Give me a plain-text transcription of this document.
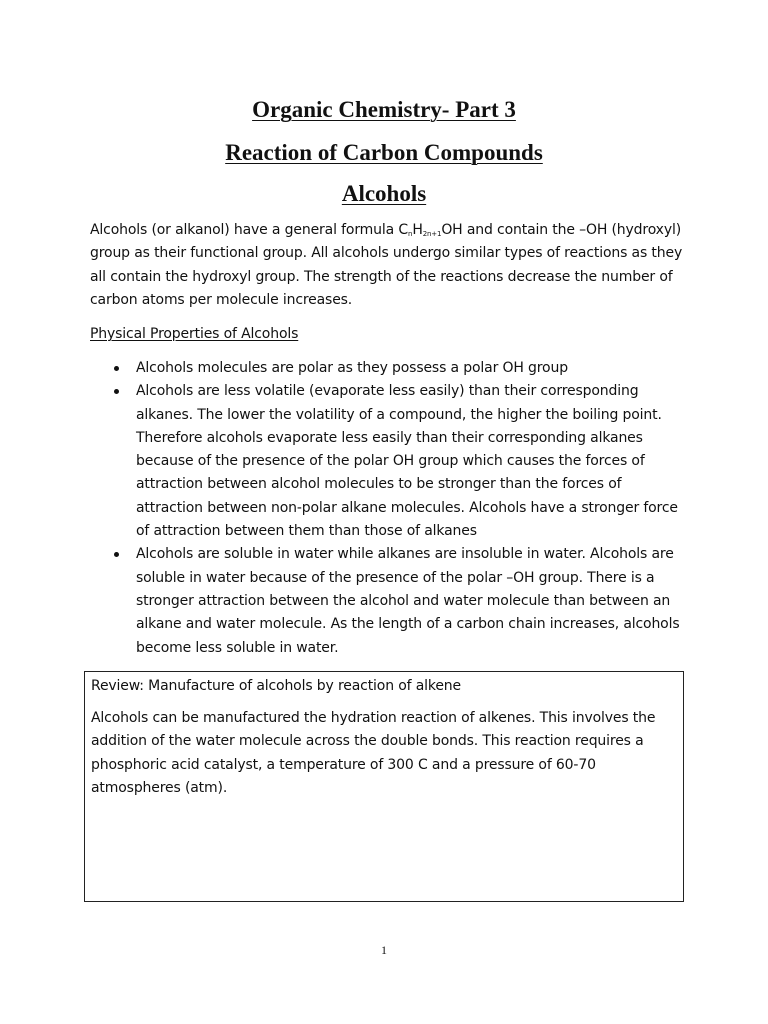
Organic Chemistry- Part 3
Reaction of Carbon Compounds
Alcohols

Alcohols (or alkanol) have a general formula $C_nH_{2n+1}OH$ and contain the –OH (hydroxyl) group as their functional group. All alcohols undergo similar types of reactions as they all contain the hydroxyl group. The strength of the reactions decrease the number of carbon atoms per molecule increases.

Physical Properties of Alcohols

Alcohols molecules are polar as they possess a polar OH group
Alcohols are less volatile (evaporate less easily) than their corresponding alkanes. The lower the volatility of a compound, the higher the boiling point. Therefore alcohols evaporate less easily than their corresponding alkanes because of the presence of the polar OH group which causes the forces of attraction between alcohol molecules to be stronger than the forces of attraction between non-polar alkane molecules. Alcohols have a stronger force of attraction between them than those of alkanes
Alcohols are soluble in water while alkanes are insoluble in water. Alcohols are soluble in water because of the presence of the polar –OH group. There is a stronger attraction between the alcohol and water molecule than between an alkane and water molecule. As the length of a carbon chain increases, alcohols become less soluble in water.

Review: Manufacture of alcohols by reaction of alkene

Alcohols can be manufactured the hydration reaction of alkenes. This involves the addition of the water molecule across the double bonds. This reaction requires a phosphoric acid catalyst, a temperature of 300 C and a pressure of 60-70 atmospheres (atm).

1
